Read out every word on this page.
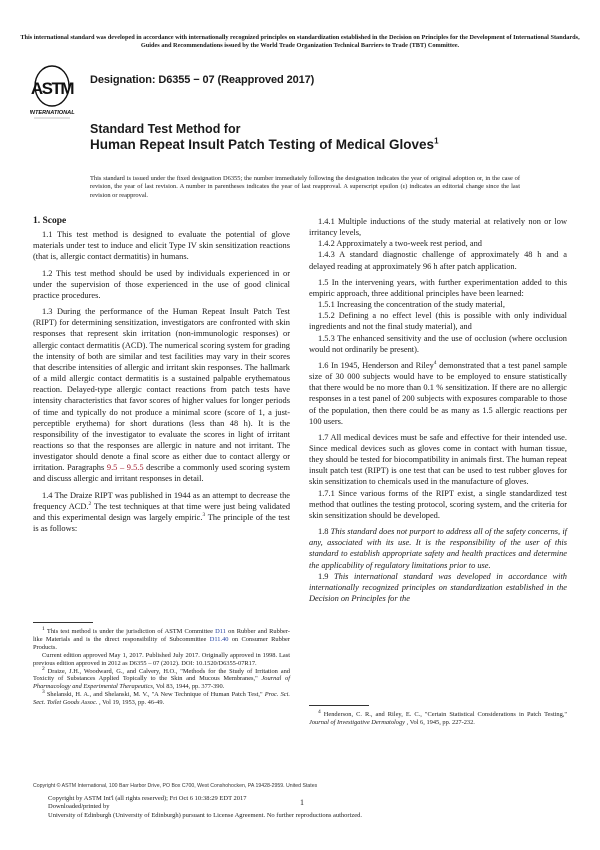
This international standard was developed in accordance with internationally recognized principles on standardization established in the Decision on Principles for the Development of International Standards, Guides and Recommendations issued by the World Trade Organization Technical Barriers to Trade (TBT) Committee.
ASTM
INTERNATIONAL
Designation: D6355 − 07 (Reapproved 2017)
Standard Test Method for
Human Repeat Insult Patch Testing of Medical Gloves$^1$
This standard is issued under the fixed designation D6355; the number immediately following the designation indicates the year of original adoption or, in the case of revision, the year of last revision. A number in parentheses indicates the year of last reapproval. A superscript epsilon (ε) indicates an editorial change since the last revision or reapproval.
1. Scope

1.1 This test method is designed to evaluate the potential of glove materials under test to induce and elicit Type IV skin sensitization reactions (that is, allergic contact dermatitis) in humans.

1.2 This test method should be used by individuals experienced in or under the supervision of those experienced in the use of good clinical practice procedures.

1.3 During the performance of the Human Repeat Insult Patch Test (RIPT) for determining sensitization, investigators are confronted with skin responses that represent skin irritation (non-immunologic responses) or allergic contact dermatitis (ACD). The numerical scoring system for grading the intensity of both are similar and test facilities may vary in their scores that describe intensities of allergic and irritant skin responses. The hallmark of a mild allergic contact dermatitis is a sustained palpable erythematous reaction. Delayed-type allergic contact reactions from patch tests have intensity characteristics that favor scores of higher values for longer periods of time and typically do not produce a minimal score (score of 1, a just-perceptible erythema) for short durations (less than 48 h). It is the responsibility of the investigator to evaluate the scores in light of irritant reactions so that the responses are allergic in nature and not irritant. The investigator should denote a final score as either due to contact allergy or irritation. Paragraphs 9.5 – 9.5.5 describe a commonly used scoring system and discuss allergic and irritant responses in detail.

1.4 The Draize RIPT was published in 1944 as an attempt to decrease the frequency ACD.$^2$ The test techniques at that time were just being validated and this experimental design was largely empiric.$^3$ The principle of the test is as follows:

$^1$ This test method is under the jurisdiction of ASTM Committee D11 on Rubber and Rubber-like Materials and is the direct responsibility of Subcommittee D11.40 on Consumer Rubber Products.

Current edition approved May 1, 2017. Published July 2017. Originally approved in 1998. Last previous edition approved in 2012 as D6355 – 07 (2012). DOI: 10.1520/D6355-07R17.

$^2$ Draize, J.H., Woodward, G., and Calvery, H.O., "Methods for the Study of Irritation and Toxicity of Substances Applied Topically to the Skin and Mucous Membranes," Journal of Pharmacology and Experimental Therapeutics, Vol 83, 1944, pp. 377-390.

$^3$ Shelanski, H. A., and Shelanski, M. V., "A New Technique of Human Patch Test," Proc. Sci. Sect. Toilet Goods Assoc. , Vol 19, 1953, pp. 46-49.

1.4.1 Multiple inductions of the study material at relatively non or low irritancy levels,

1.4.2 Approximately a two-week rest period, and

1.4.3 A standard diagnostic challenge of approximately 48 h and a delayed reading at approximately 96 h after patch application.

1.5 In the intervening years, with further experimentation added to this empiric approach, three additional principles have been learned:

1.5.1 Increasing the concentration of the study material,

1.5.2 Defining a no effect level (this is possible with only individual ingredients and not the final study material), and

1.5.3 The enhanced sensitivity and the use of occlusion (where occlusion would not ordinarily be present).

1.6 In 1945, Henderson and Riley$^4$ demonstrated that a test panel sample size of 30 000 subjects would have to be employed to ensure statistically that there would be no more than 0.1 % sensitization. If there are no allergic responses in a test panel of 200 subjects with exposures comparable to those of the population, then there could be as many as 1.5 allergic reactions per 100 users.

1.7 All medical devices must be safe and effective for their intended use. Since medical devices such as gloves come in contact with human tissue, they should be tested for biocompatibility in animals first. The human repeat insult patch test (RIPT) is one test that can be used to test rubber gloves for skin sensitization to chemicals used in the manufacture of gloves.

1.7.1 Since various forms of the RIPT exist, a single standardized test method that outlines the testing protocol, scoring system, and the criteria for skin sensitization should be developed.

1.8 This standard does not purport to address all of the safety concerns, if any, associated with its use. It is the responsibility of the user of this standard to establish appropriate safety and health practices and determine the applicability of regulatory limitations prior to use.

1.9 This international standard was developed in accordance with internationally recognized principles on standardization established in the Decision on Principles for the

$^4$ Henderson, C. R., and Riley, E. C., "Certain Statistical Considerations in Patch Testing," Journal of Investigative Dermatology , Vol 6, 1945, pp. 227-232.

Copyright © ASTM International, 100 Barr Harbor Drive, PO Box C700, West Conshohocken, PA 19428-2959. United States
Copyright by ASTM Int'l (all rights reserved); Fri Oct 6 10:38:29 EDT 2017
Downloaded/printed by
University of Edinburgh (University of Edinburgh) pursuant to License Agreement. No further reproductions authorized.
1
